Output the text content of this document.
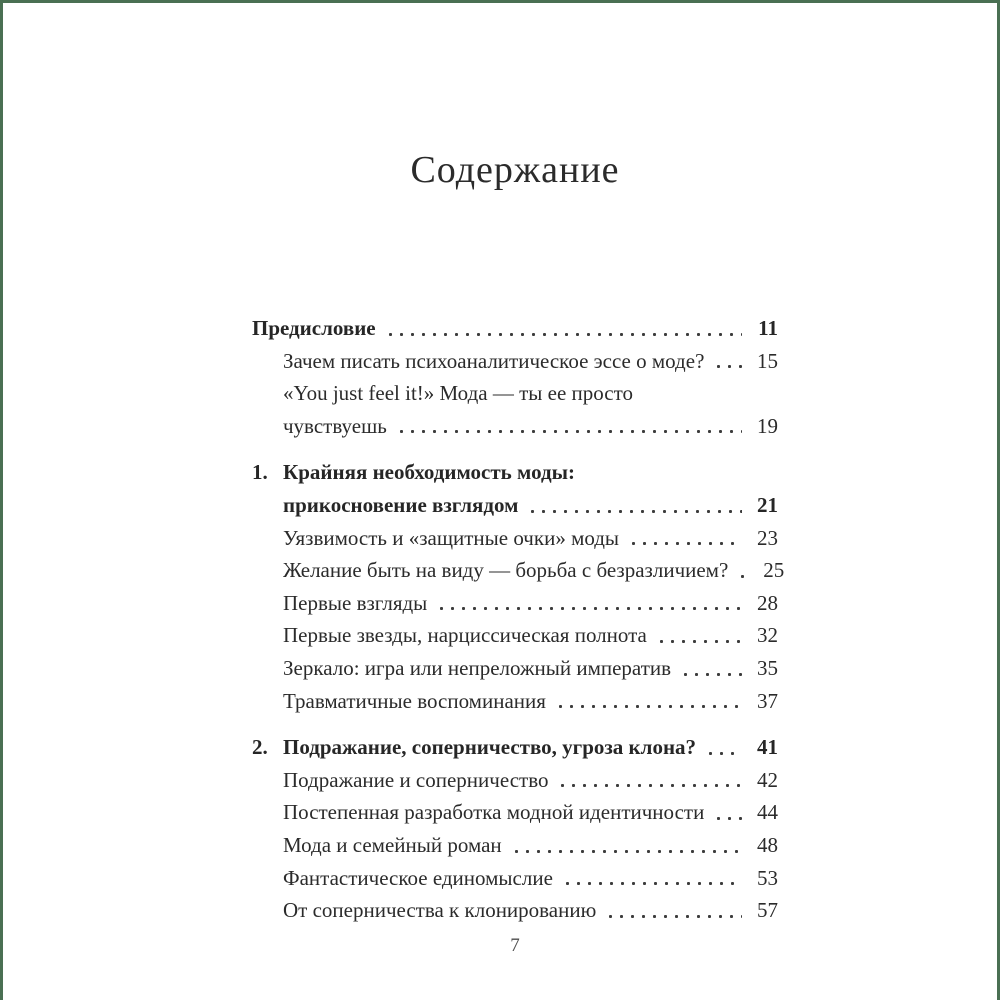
Содержание
Предисловие	11
Зачем писать психоаналитическое эссе о моде?	15
«You just feel it!» Мода — ты ее просто
чувствуешь	19
1. Крайняя необходимость моды:
прикосновение взглядом	21
Уязвимость и «защитные очки» моды	23
Желание быть на виду — борьба с безразличием?	25
Первые взгляды	28
Первые звезды, нарциссическая полнота	32
Зеркало: игра или непреложный императив	35
Травматичные воспоминания	37
2. Подражание, соперничество, угроза клона?	41
Подражание и соперничество	42
Постепенная разработка модной идентичности	44
Мода и семейный роман	48
Фантастическое единомыслие	53
От соперничества к клонированию	57
7
